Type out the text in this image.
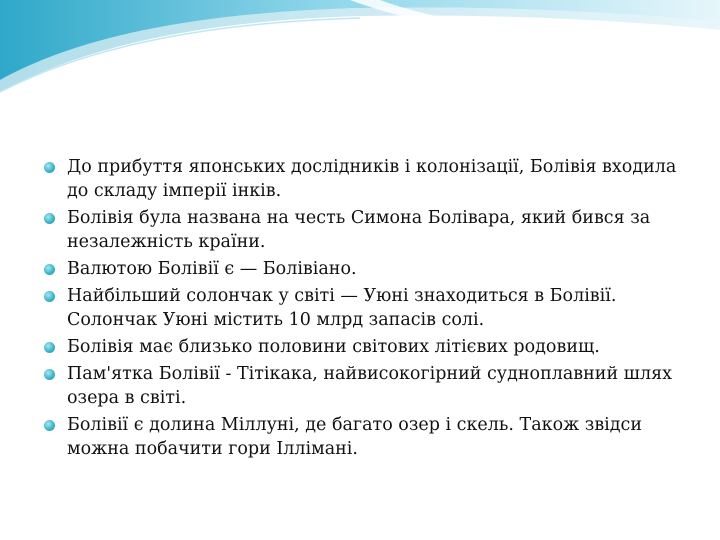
До прибуття японських дослідників і колонізації, Болівія входила до складу імперії інків.
Болівія була названа на честь Симона Болівара, який бився за незалежність країни.
Валютою Болівії є — Болівіано.
Найбільший солончак у світі — Уюні знаходиться в Болівії. Солончак Уюні містить 10 млрд запасів солі.
Болівія має близько половини світових літієвих родовищ.
Пам'ятка Болівії - Тітікака, найвисокогірний судноплавний шлях озера в світі.
Болівії є долина Міллуні, де багато озер і скель. Також звідси можна побачити гори Іллімані.
